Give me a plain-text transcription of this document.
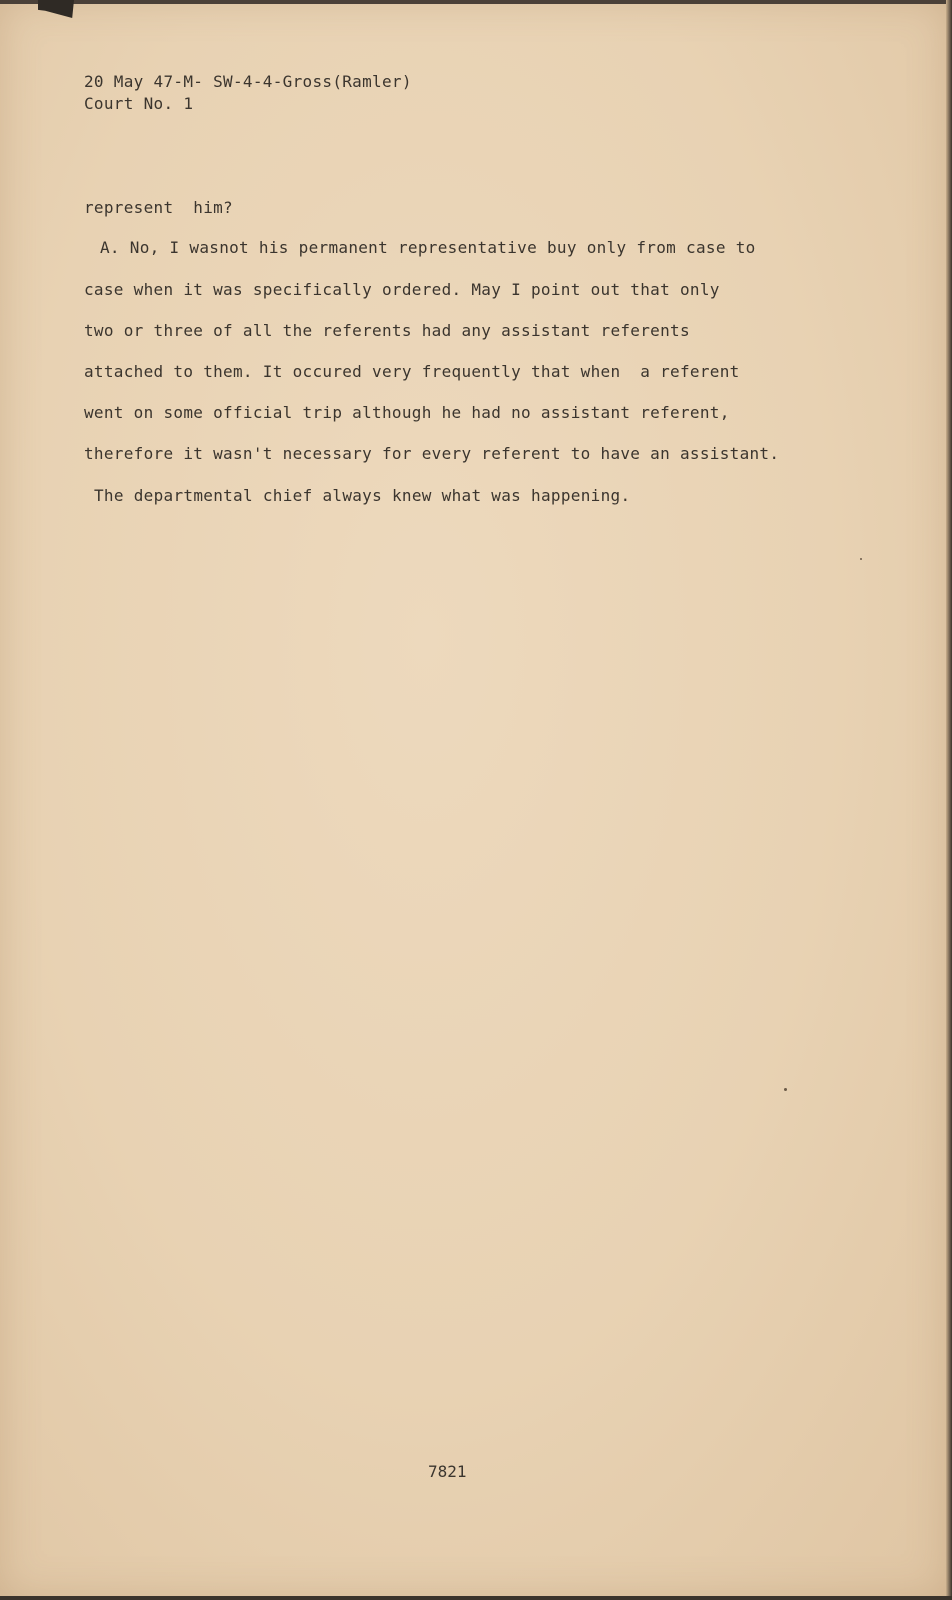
20 May 47-M- SW-4-4-Gross(Ramler)
Court No. 1
represent  him?
A. No, I wasnot his permanent representative buy only from case to
case when it was specifically ordered. May I point out that only
two or three of all the referents had any assistant referents
attached to them. It occured very frequently that when  a referent
went on some official trip although he had no assistant referent,
therefore it wasn't necessary for every referent to have an assistant.
The departmental chief always knew what was happening.
7821
